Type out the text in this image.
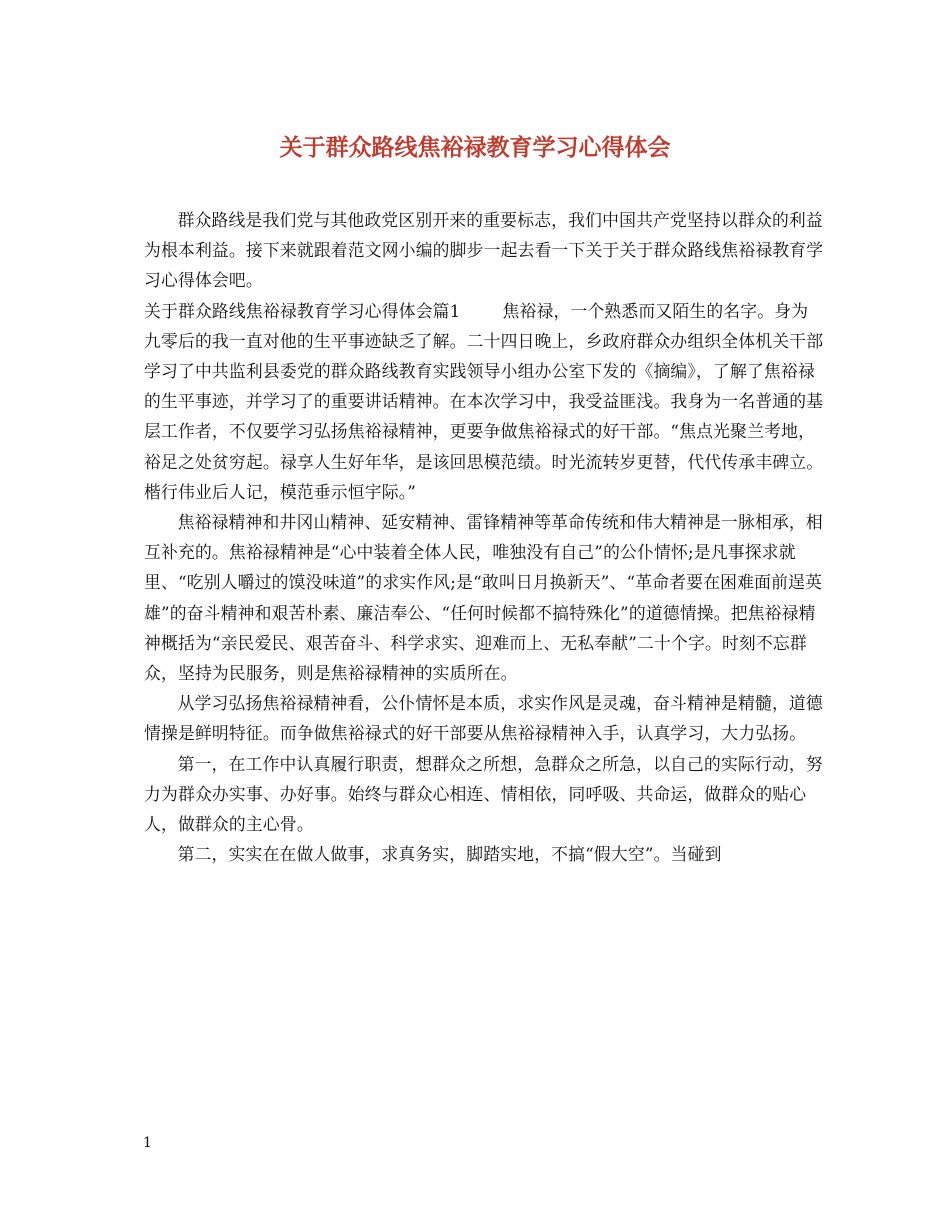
关于群众路线焦裕禄教育学习心得体会

群众路线是我们党与其他政党区别开来的重要标志，我们中国共产党坚持以群众的利益为根本利益。接下来就跟着范文网小编的脚步一起去看一下关于关于群众路线焦裕禄教育学习心得体会吧。

关于群众路线焦裕禄教育学习心得体会篇1	焦裕禄，一个熟悉而又陌生的名字。身为九零后的我一直对他的生平事迹缺乏了解。二十四日晚上，乡政府群众办组织全体机关干部学习了中共监利县委党的群众路线教育实践领导小组办公室下发的《摘编》，了解了焦裕禄的生平事迹，并学习了的重要讲话精神。在本次学习中，我受益匪浅。我身为一名普通的基层工作者，不仅要学习弘扬焦裕禄精神，更要争做焦裕禄式的好干部。“焦点光聚兰考地，裕足之处贫穷起。禄享人生好年华，是该回思模范绩。时光流转岁更替，代代传承丰碑立。楷行伟业后人记，模范垂示恒宇际。”

焦裕禄精神和井冈山精神、延安精神、雷锋精神等革命传统和伟大精神是一脉相承，相互补充的。焦裕禄精神是“心中装着全体人民，唯独没有自己”的公仆情怀;是凡事探求就里、“吃别人嚼过的馍没味道”的求实作风;是“敢叫日月换新天”、“革命者要在困难面前逞英雄”的奋斗精神和艰苦朴素、廉洁奉公、“任何时候都不搞特殊化”的道德情操。把焦裕禄精神概括为“亲民爱民、艰苦奋斗、科学求实、迎难而上、无私奉献”二十个字。时刻不忘群众，坚持为民服务，则是焦裕禄精神的实质所在。

从学习弘扬焦裕禄精神看，公仆情怀是本质，求实作风是灵魂，奋斗精神是精髓，道德情操是鲜明特征。而争做焦裕禄式的好干部要从焦裕禄精神入手，认真学习，大力弘扬。

第一，在工作中认真履行职责，想群众之所想，急群众之所急，以自己的实际行动，努力为群众办实事、办好事。始终与群众心相连、情相依，同呼吸、共命运，做群众的贴心人，做群众的主心骨。

第二，实实在在做人做事，求真务实，脚踏实地，不搞“假大空”。当碰到

1
